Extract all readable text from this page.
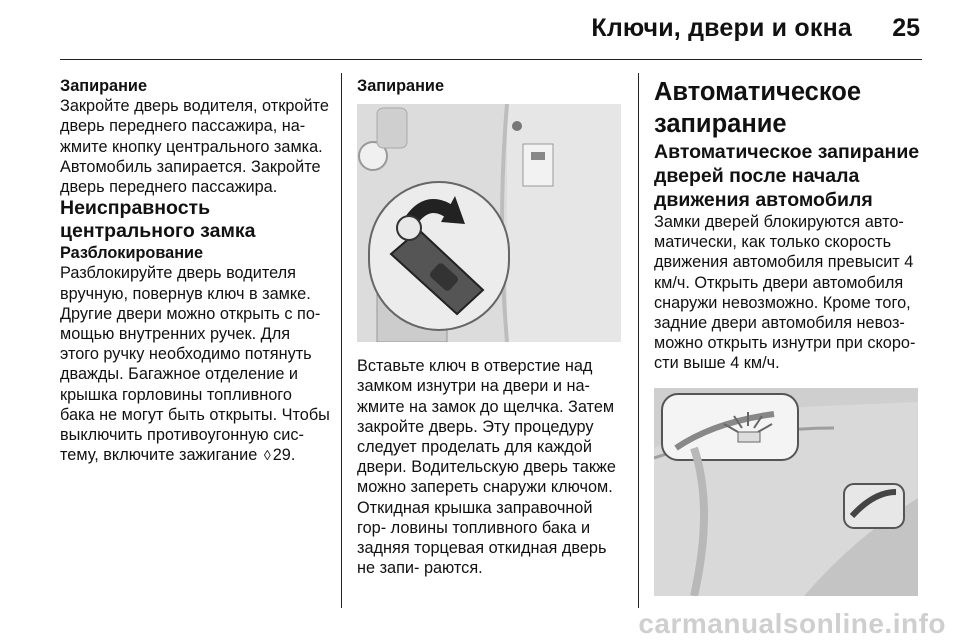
Ключи, двери и окна 25

Запирание

Закройте дверь водителя, откройте дверь переднего пассажира, на- жмите кнопку центрального замка. Автомобиль запирается. Закройте дверь переднего пассажира.

Неисправность центрального замка

Разблокирование

Разблокируйте дверь водителя вручную, повернув ключ в замке. Другие двери можно открыть с по- мощью внутренних ручек. Для этого ручку необходимо потянуть дважды. Багажное отделение и крышка горловины топливного бака не могут быть открыты. Чтобы выключить противоугонную сис- тему, включите зажигание ◊ 29.

Запирание

Вставьте ключ в отверстие над замком изнутри на двери и на- жмите на замок до щелчка. Затем закройте дверь. Эту процедуру следует проделать для каждой двери. Водительскую дверь также можно запереть снаружи ключом. Откидная крышка заправочной гор- ловины топливного бака и задняя торцевая откидная дверь не запи- раются.

Автоматическое запирание

Автоматическое запирание дверей после начала движения автомобиля

Замки дверей блокируются авто- матически, как только скорость движения автомобиля превысит 4 км/ч. Открыть двери автомобиля снаружи невозможно. Кроме того, задние двери автомобиля невоз- можно открыть изнутри при скоро- сти выше 4 км/ч.

carmanualsonline.info
